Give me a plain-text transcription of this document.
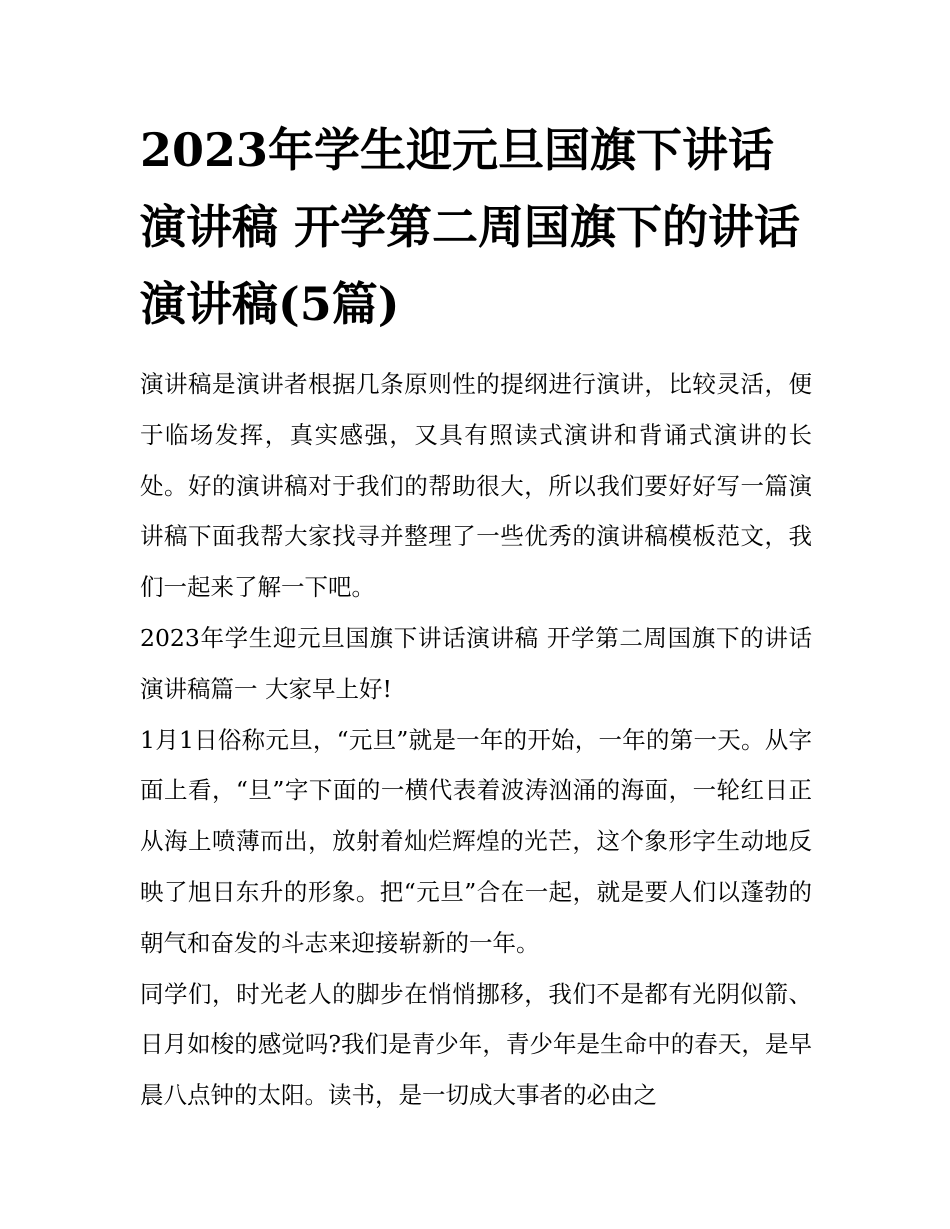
2023年学生迎元旦国旗下讲话演讲稿 开学第二周国旗下的讲话演讲稿(5篇)

演讲稿是演讲者根据几条原则性的提纲进行演讲，比较灵活，便于临场发挥，真实感强，又具有照读式演讲和背诵式演讲的长处。好的演讲稿对于我们的帮助很大，所以我们要好好写一篇演讲稿下面我帮大家找寻并整理了一些优秀的演讲稿模板范文，我们一起来了解一下吧。

2023年学生迎元旦国旗下讲话演讲稿 开学第二周国旗下的讲话演讲稿篇一 大家早上好!

1月1日俗称元旦，“元旦”就是一年的开始，一年的第一天。从字面上看，“旦”字下面的一横代表着波涛汹涌的海面，一轮红日正从海上喷薄而出，放射着灿烂辉煌的光芒，这个象形字生动地反映了旭日东升的形象。把“元旦”合在一起，就是要人们以蓬勃的朝气和奋发的斗志来迎接崭新的一年。

同学们，时光老人的脚步在悄悄挪移，我们不是都有光阴似箭、日月如梭的感觉吗?我们是青少年，青少年是生命中的春天，是早晨八点钟的太阳。读书，是一切成大事者的必由之
